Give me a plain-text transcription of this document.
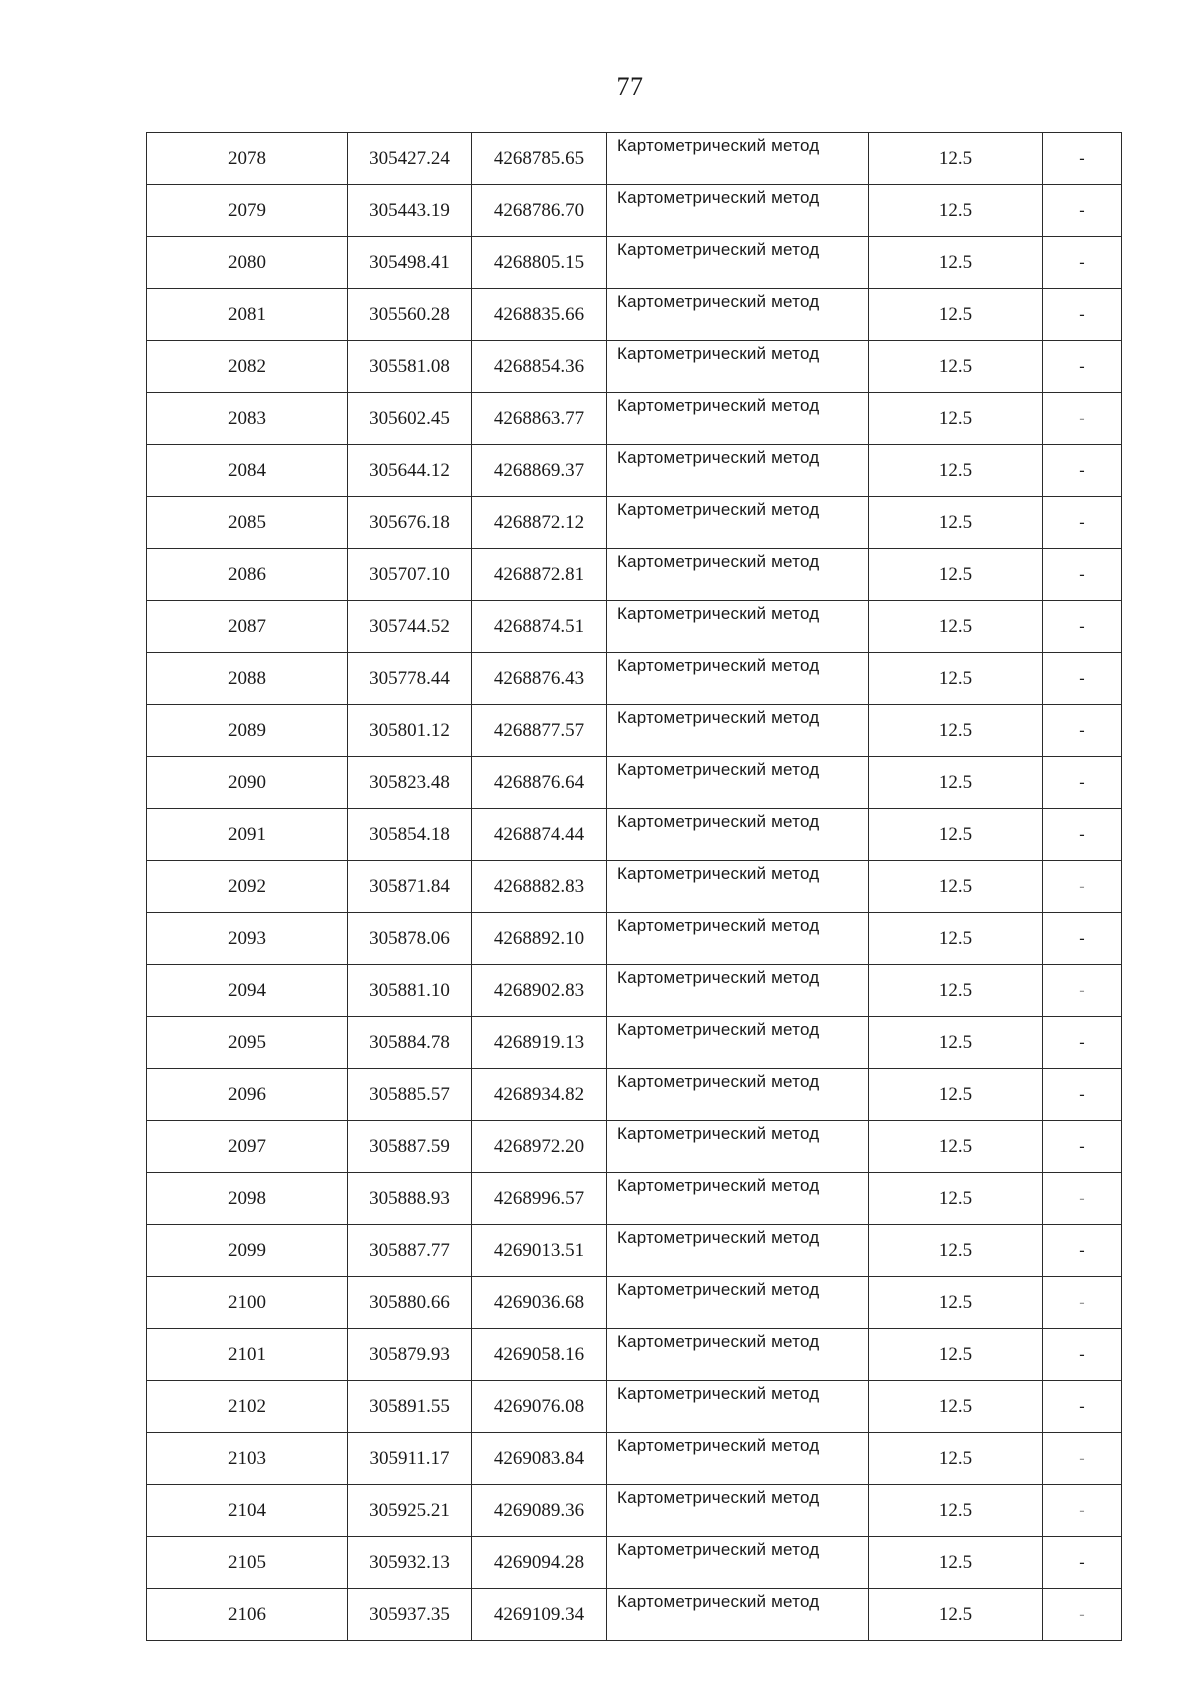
77
2078	305427.24	4268785.65	Картометрический метод	12.5	-
2079	305443.19	4268786.70	Картометрический метод	12.5	-
2080	305498.41	4268805.15	Картометрический метод	12.5	-
2081	305560.28	4268835.66	Картометрический метод	12.5	-
2082	305581.08	4268854.36	Картометрический метод	12.5	-
2083	305602.45	4268863.77	Картометрический метод	12.5	-
2084	305644.12	4268869.37	Картометрический метод	12.5	-
2085	305676.18	4268872.12	Картометрический метод	12.5	-
2086	305707.10	4268872.81	Картометрический метод	12.5	-
2087	305744.52	4268874.51	Картометрический метод	12.5	-
2088	305778.44	4268876.43	Картометрический метод	12.5	-
2089	305801.12	4268877.57	Картометрический метод	12.5	-
2090	305823.48	4268876.64	Картометрический метод	12.5	-
2091	305854.18	4268874.44	Картометрический метод	12.5	-
2092	305871.84	4268882.83	Картометрический метод	12.5	-
2093	305878.06	4268892.10	Картометрический метод	12.5	-
2094	305881.10	4268902.83	Картометрический метод	12.5	-
2095	305884.78	4268919.13	Картометрический метод	12.5	-
2096	305885.57	4268934.82	Картометрический метод	12.5	-
2097	305887.59	4268972.20	Картометрический метод	12.5	-
2098	305888.93	4268996.57	Картометрический метод	12.5	-
2099	305887.77	4269013.51	Картометрический метод	12.5	-
2100	305880.66	4269036.68	Картометрический метод	12.5	-
2101	305879.93	4269058.16	Картометрический метод	12.5	-
2102	305891.55	4269076.08	Картометрический метод	12.5	-
2103	305911.17	4269083.84	Картометрический метод	12.5	-
2104	305925.21	4269089.36	Картометрический метод	12.5	-
2105	305932.13	4269094.28	Картометрический метод	12.5	-
2106	305937.35	4269109.34	Картометрический метод	12.5	-
